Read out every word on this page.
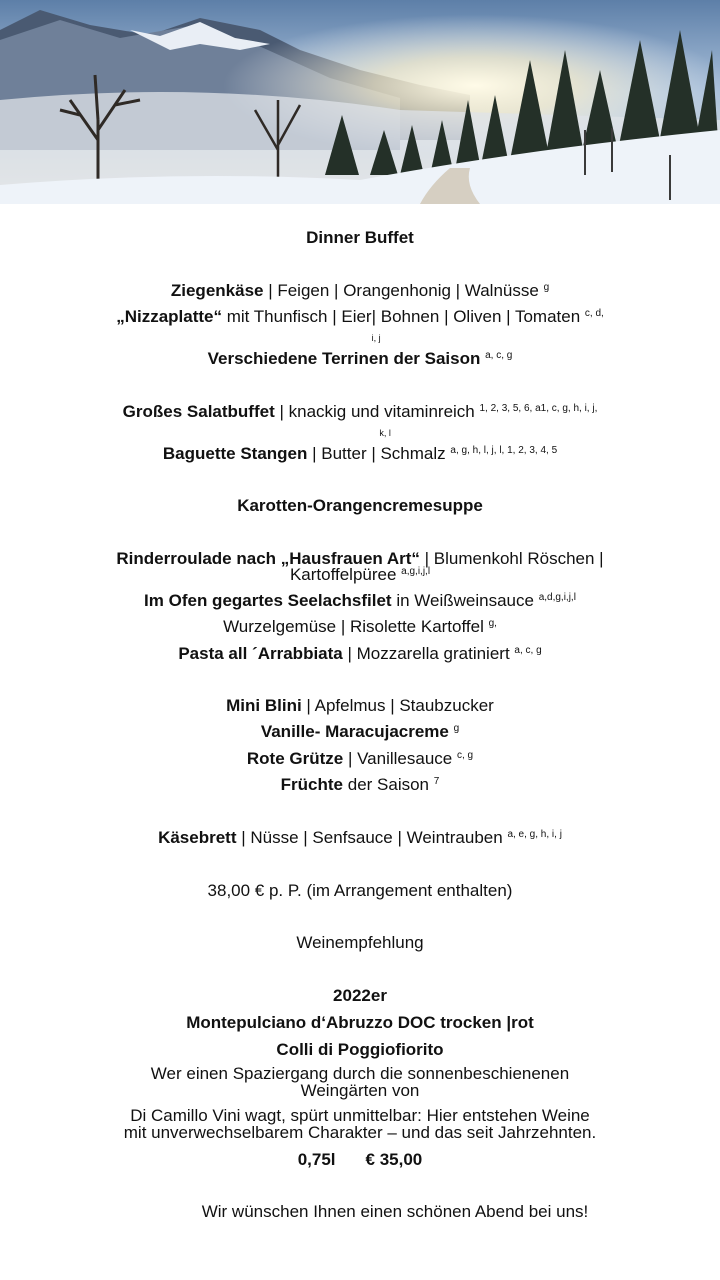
Dinner Buffet
Ziegenkäse | Feigen | Orangenhonig | Walnüsse $^g$
„Nizzaplatte“ mit Thunfisch | Eier
i, j
| Bohnen | Oliven | Tomaten $^{c, d,}$
Verschiedene Terrinen der Saison $^{a, c, g}$
Großes Salatbuffet | knackig und
k, l
vitaminreich $^{1, 2, 3, 5, 6, a1, c, g, h, i, j,}$
Baguette Stangen | Butter | Schmalz $^{a, g, h, l, j, l, 1, 2, 3, 4, 5}$
Karotten-Orangencremesuppe
Rinderroulade nach „Hausfrauen Art“ | Blumenkohl Röschen |
Kartoffelpüree $^{a,g,i,j,l}$
Im Ofen gegartes Seelachsfilet in Weißweinsauce $^{a,d,g,i,j,l}$
Wurzelgemüse | Risolette Kartoffel $^{g,}$
Pasta all ´Arrabbiata | Mozzarella gratiniert $^{a, c, g}$
Mini Blini | Apfelmus | Staubzucker
Vanille- Maracujacreme $^g$
Rote Grütze | Vanillesauce $^{c, g}$
Früchte der Saison $^7$
Käsebrett | Nüsse | Senfsauce | Weintrauben $^{a, e, g, h, i, j}$
38,00 € p. P. (im Arrangement enthalten)
Weinempfehlung
2022er
Montepulciano d‘Abruzzo DOC trocken |rot
Colli di Poggiofiorito
Wer einen Spaziergang durch die sonnenbeschienenen
Weingärten von
Di Camillo Vini wagt, spürt unmittelbar: Hier entstehen Weine
mit unverwechselbarem Charakter – und das seit Jahrzehnten.
0,75l € 35,00
Wir wünschen Ihnen einen schönen Abend bei uns!
